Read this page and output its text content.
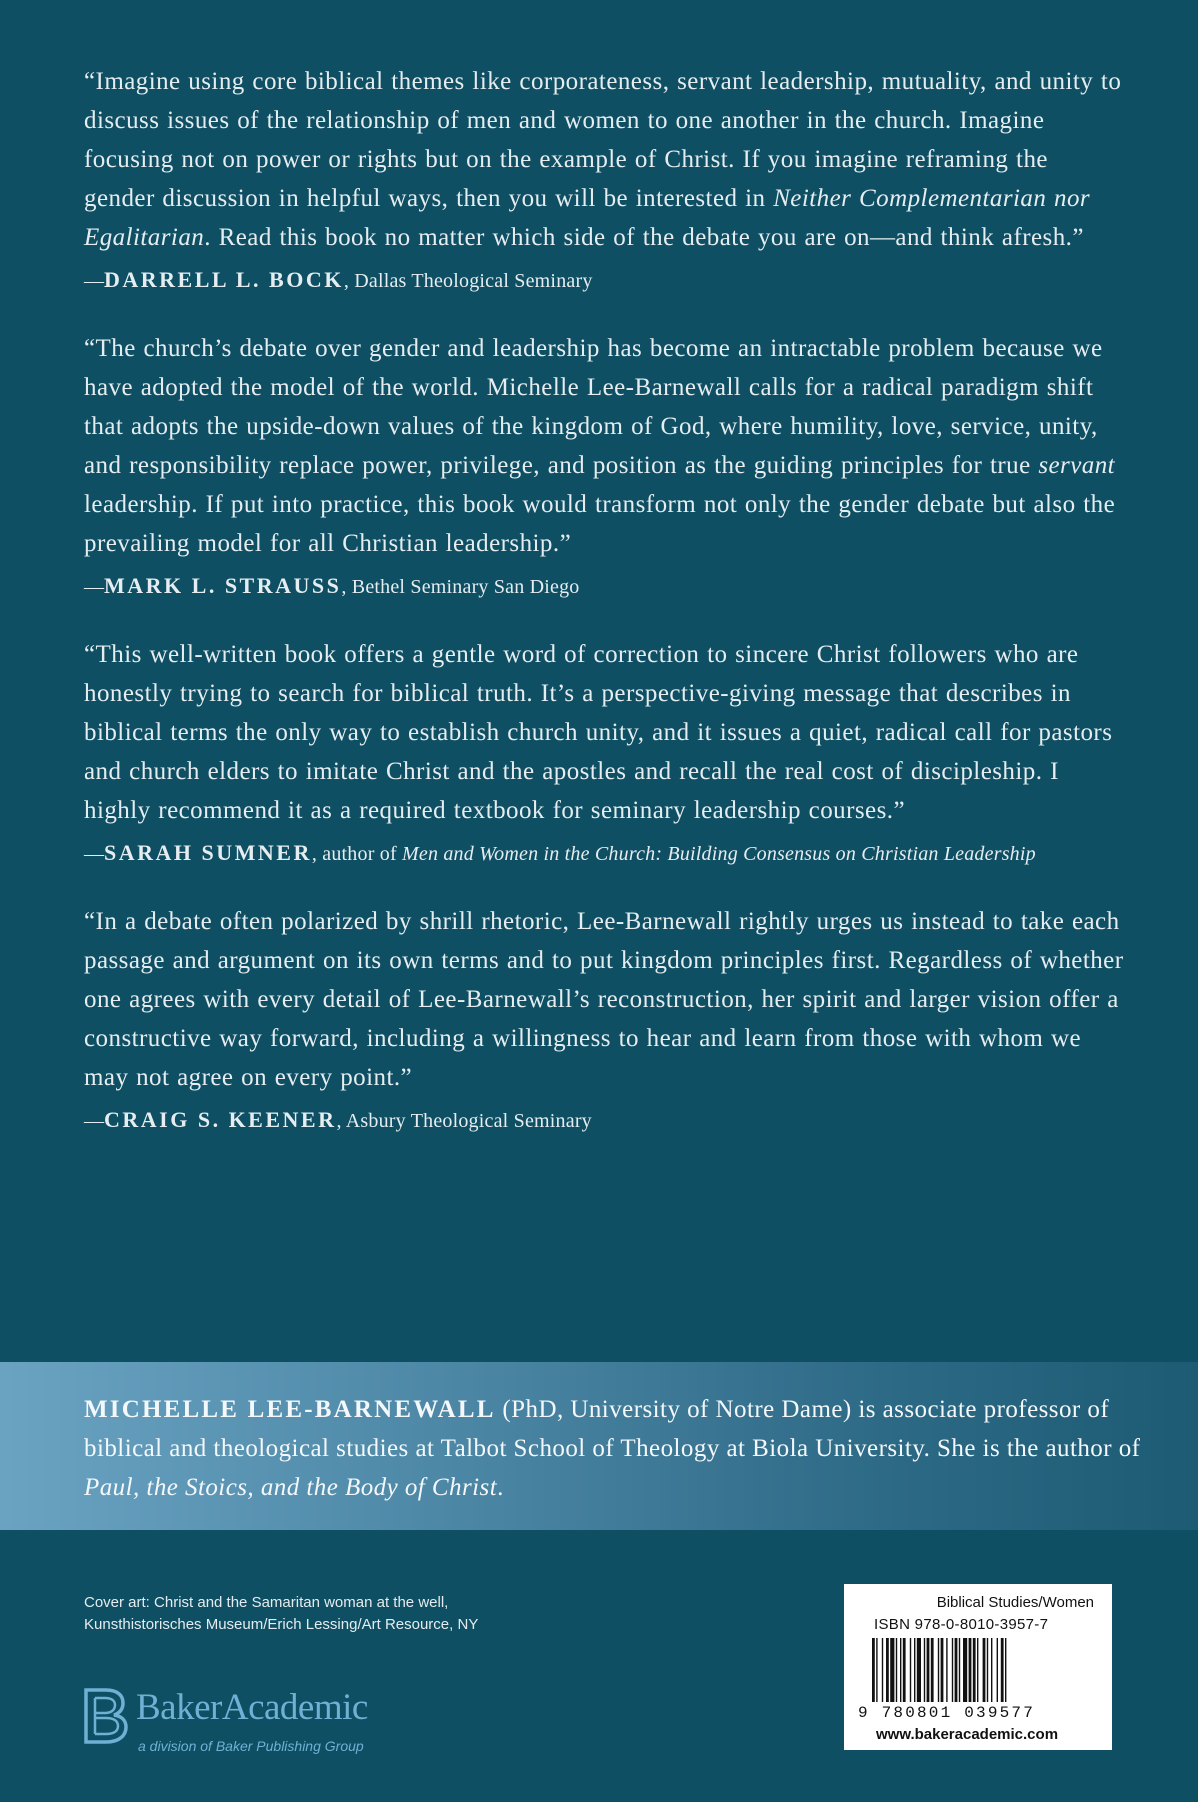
“Imagine using core biblical themes like corporateness, servant leadership, mutuality, and unity to discuss issues of the relationship of men and women to one another in the church. Imagine focusing not on power or rights but on the example of Christ. If you imagine reframing the gender discussion in helpful ways, then you will be interested in Neither Complementarian nor Egalitarian. Read this book no matter which side of the debate you are on—and think afresh.”

—DARRELL L. BOCK, Dallas Theological Seminary

“The church’s debate over gender and leadership has become an intractable problem because we have adopted the model of the world. Michelle Lee-Barnewall calls for a radical paradigm shift that adopts the upside-down values of the kingdom of God, where humility, love, service, unity, and responsibility replace power, privilege, and position as the guiding principles for true servant leadership. If put into practice, this book would transform not only the gender debate but also the prevailing model for all Christian leadership.”

—MARK L. STRAUSS, Bethel Seminary San Diego

“This well-written book offers a gentle word of correction to sincere Christ followers who are honestly trying to search for biblical truth. It’s a perspective-giving message that describes in biblical terms the only way to establish church unity, and it issues a quiet, radical call for pastors and church elders to imitate Christ and the apostles and recall the real cost of discipleship. I highly recommend it as a required textbook for seminary leadership courses.”

—SARAH SUMNER, author of Men and Women in the Church: Building Consensus on Christian Leadership

“In a debate often polarized by shrill rhetoric, Lee-Barnewall rightly urges us instead to take each passage and argument on its own terms and to put kingdom principles first. Regardless of whether one agrees with every detail of Lee-Barnewall’s reconstruction, her spirit and larger vision offer a constructive way forward, including a willingness to hear and learn from those with whom we may not agree on every point.”

—CRAIG S. KEENER, Asbury Theological Seminary

MICHELLE LEE-BARNEWALL (PhD, University of Notre Dame) is associate professor of biblical and theological studies at Talbot School of Theology at Biola University. She is the author of Paul, the Stoics, and the Body of Christ.

Cover art: Christ and the Samaritan woman at the well,
Kunsthistorisches Museum/Erich Lessing/Art Resource, NY
BakerAcademic
a division of Baker Publishing Group
Biblical Studies/Women
ISBN 978-0-8010-3957-7
9 780801 039577
www.bakeracademic.com
